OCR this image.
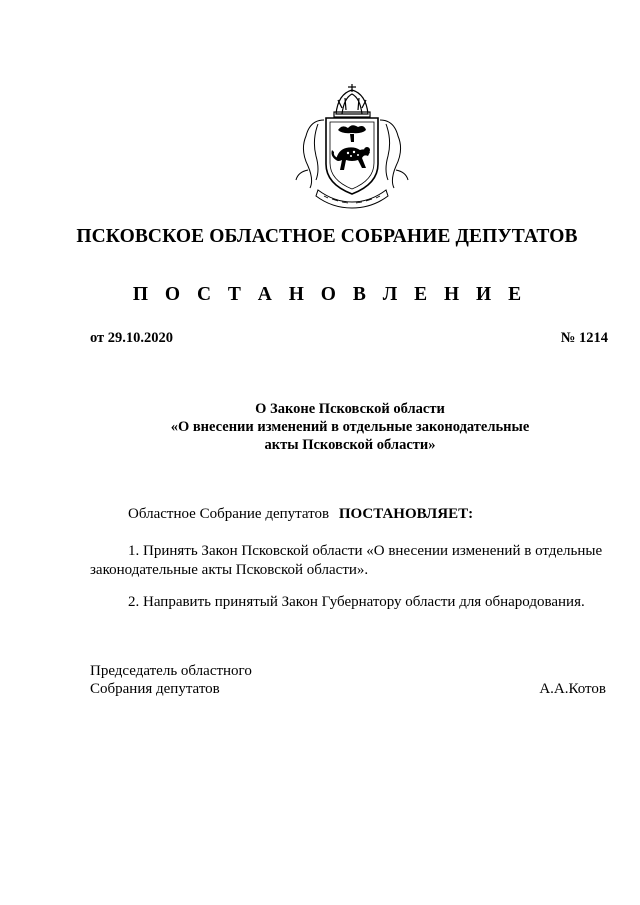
ПСКОВСКОЕ ОБЛАСТНОЕ СОБРАНИЕ ДЕПУТАТОВ
П О С Т А Н О В Л Е Н И Е
от 29.10.2020	№ 1214
О Законе Псковской области
«О внесении изменений в отдельные законодательные
акты Псковской области»
Областное Собрание депутатов ПОСТАНОВЛЯЕТ:
1. Принять Закон Псковской области «О внесении изменений в отдельные
законодательные акты Псковской области».
2. Направить принятый Закон Губернатору области для обнародования.
Председатель областного
Собрания депутатов	А.А.Котов
